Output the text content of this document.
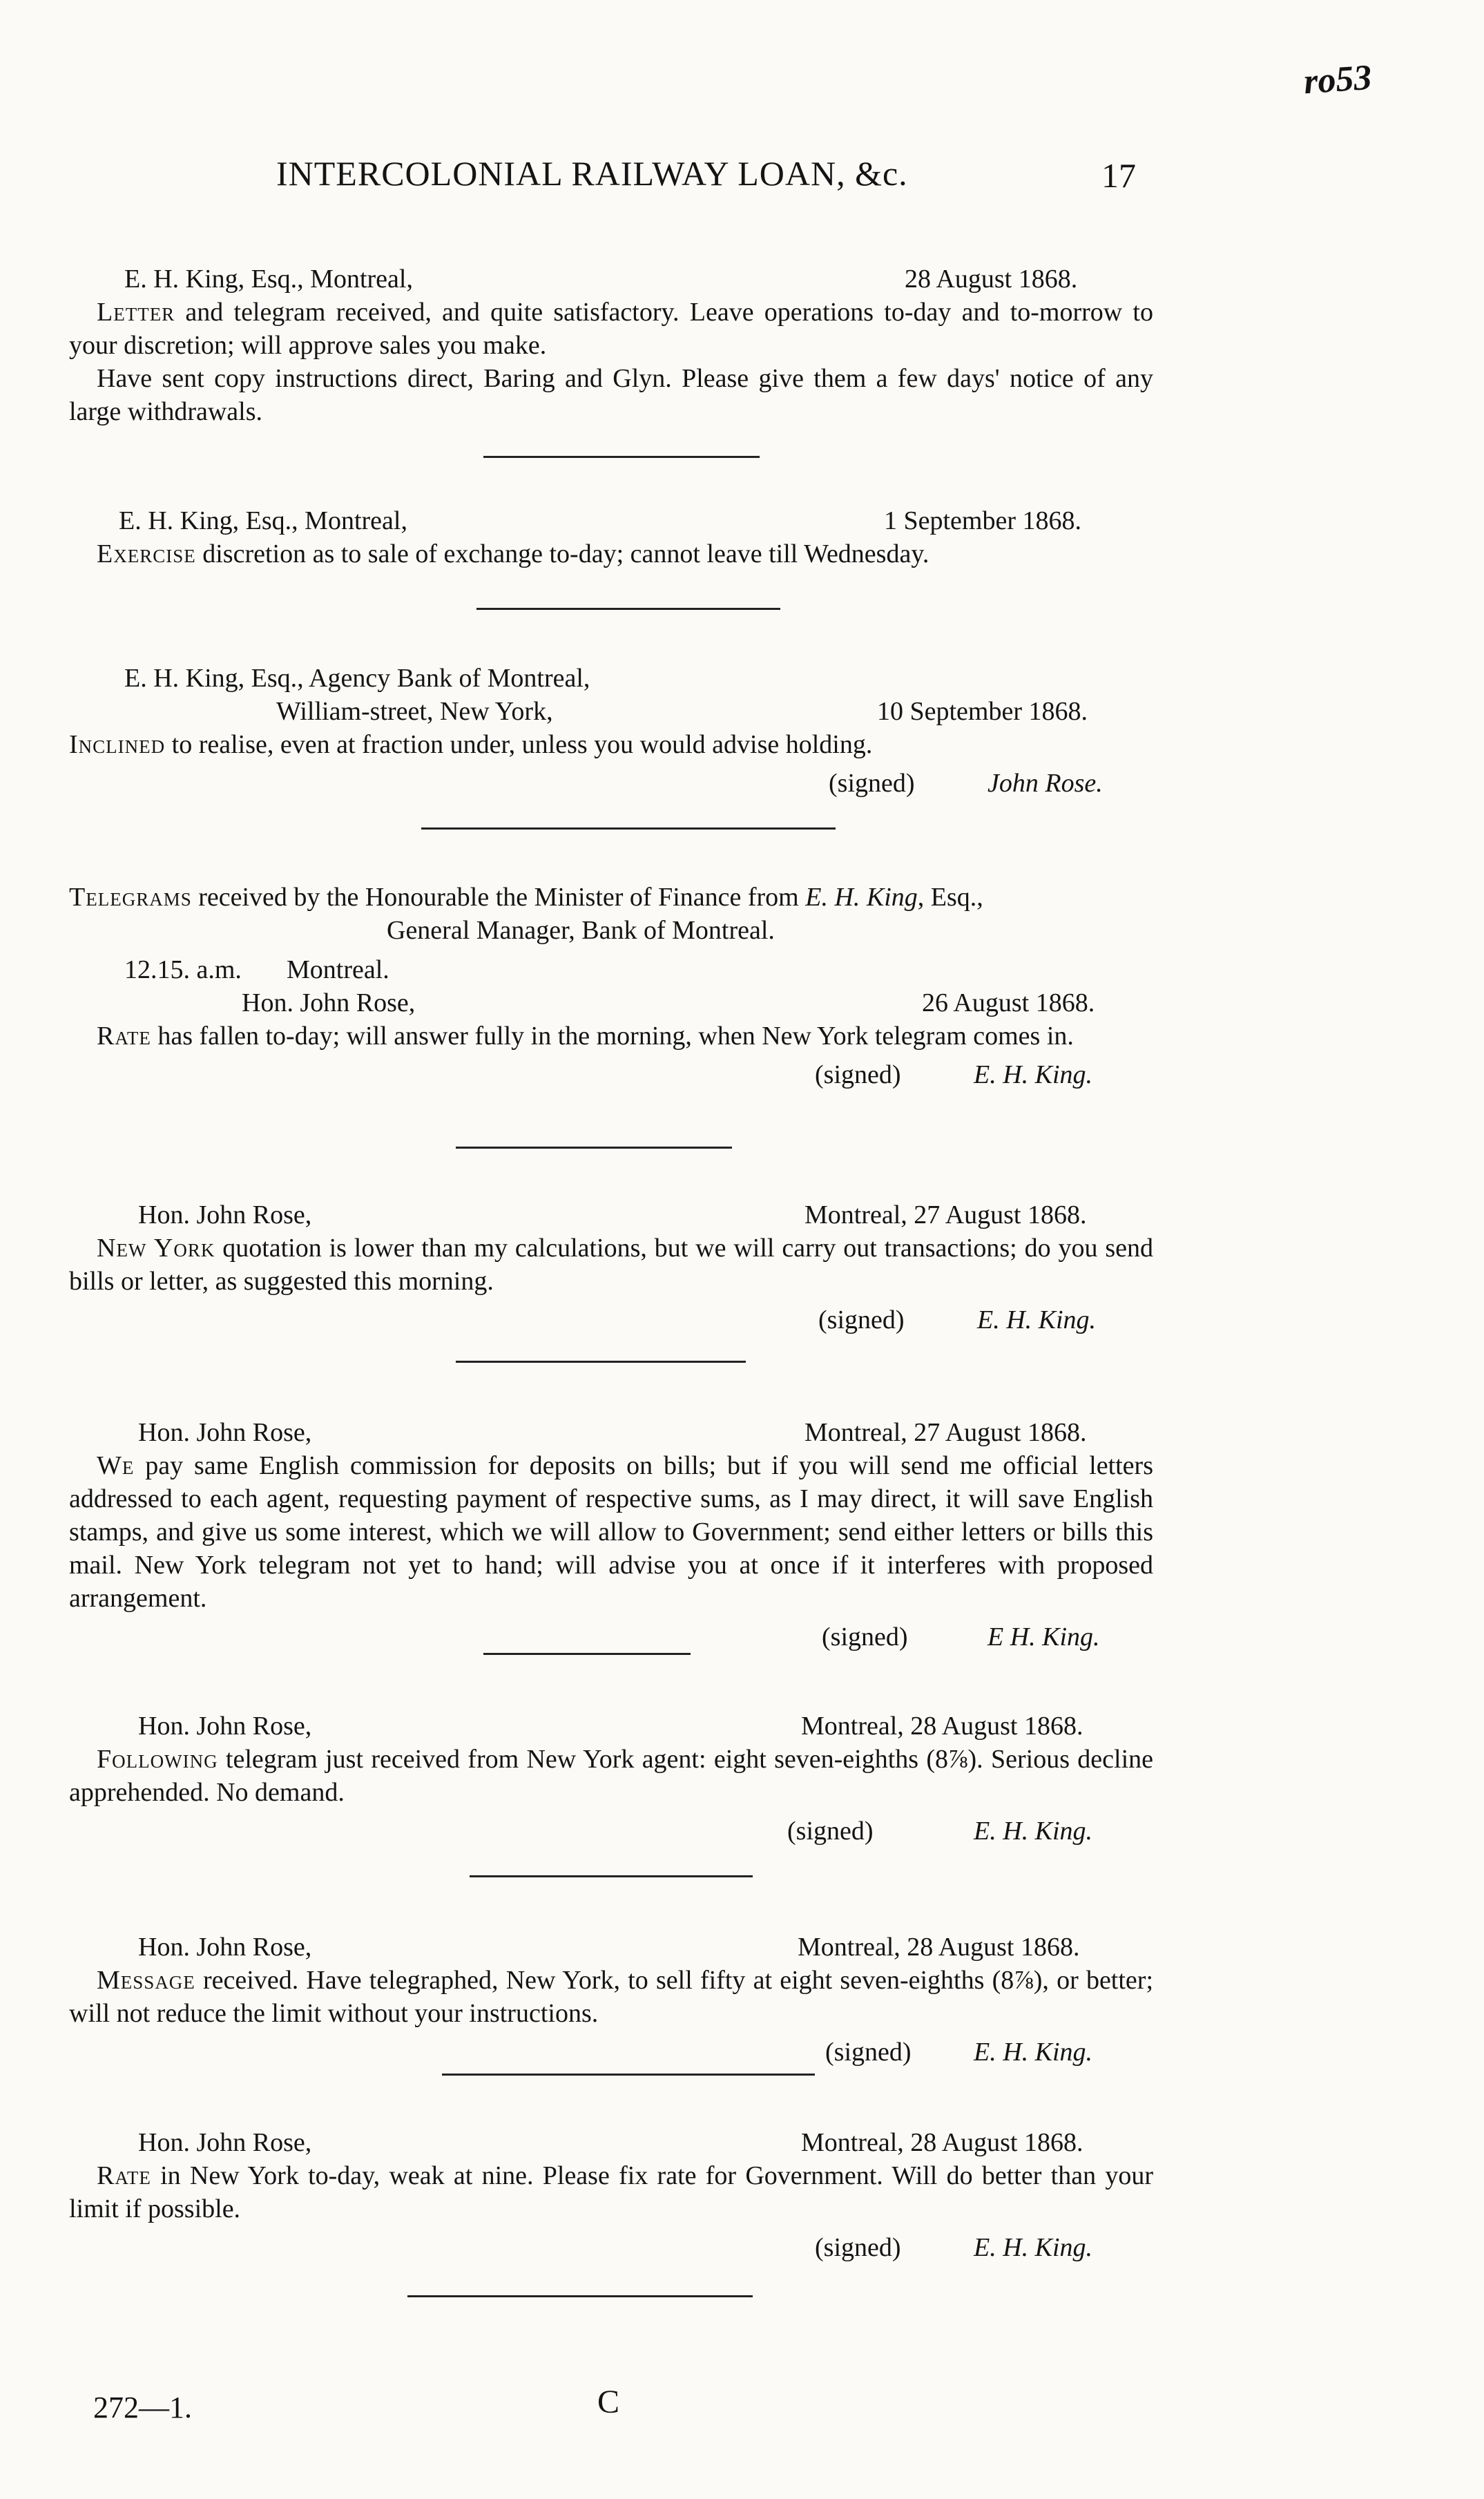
ro53
INTERCOLONIAL RAILWAY LOAN, &c.	17
E. H. King, Esq., Montreal,	28 August 1868.

Letter and telegram received, and quite satisfactory. Leave operations to-day and to-morrow to your discretion; will approve sales you make.

Have sent copy instructions direct, Baring and Glyn. Please give them a few days' notice of any large withdrawals.

E. H. King, Esq., Montreal,	1 September 1868.

Exercise discretion as to sale of exchange to-day; cannot leave till Wednesday.

E. H. King, Esq., Agency Bank of Montreal,
William-street, New York,	10 September 1868.

Inclined to realise, even at fraction under, unless you would advise holding.

(signed)	John Rose.

Telegrams received by the Honourable the Minister of Finance from E. H. King, Esq.,

General Manager, Bank of Montreal.
12.15. a.m. Montreal.
Hon. John Rose,	26 August 1868.

Rate has fallen to-day; will answer fully in the morning, when New York telegram comes in.

(signed)	E. H. King.
Hon. John Rose,	Montreal, 27 August 1868.

New York quotation is lower than my calculations, but we will carry out transactions; do you send bills or letter, as suggested this morning.

(signed)	E. H. King.
Hon. John Rose,	Montreal, 27 August 1868.

We pay same English commission for deposits on bills; but if you will send me official letters addressed to each agent, requesting payment of respective sums, as I may direct, it will save English stamps, and give us some interest, which we will allow to Government; send either letters or bills this mail. New York telegram not yet to hand; will advise you at once if it interferes with proposed arrangement.

(signed)	E H. King.
Hon. John Rose,	Montreal, 28 August 1868.

Following telegram just received from New York agent: eight seven-eighths (8⅞). Serious decline apprehended. No demand.

(signed)	E. H. King.
Hon. John Rose,	Montreal, 28 August 1868.

Message received. Have telegraphed, New York, to sell fifty at eight seven-eighths (8⅞), or better; will not reduce the limit without your instructions.

(signed) E. H. King.
Hon. John Rose,	Montreal, 28 August 1868.

Rate in New York to-day, weak at nine. Please fix rate for Government. Will do better than your limit if possible.

(signed)	E. H. King.
272—1.	C
